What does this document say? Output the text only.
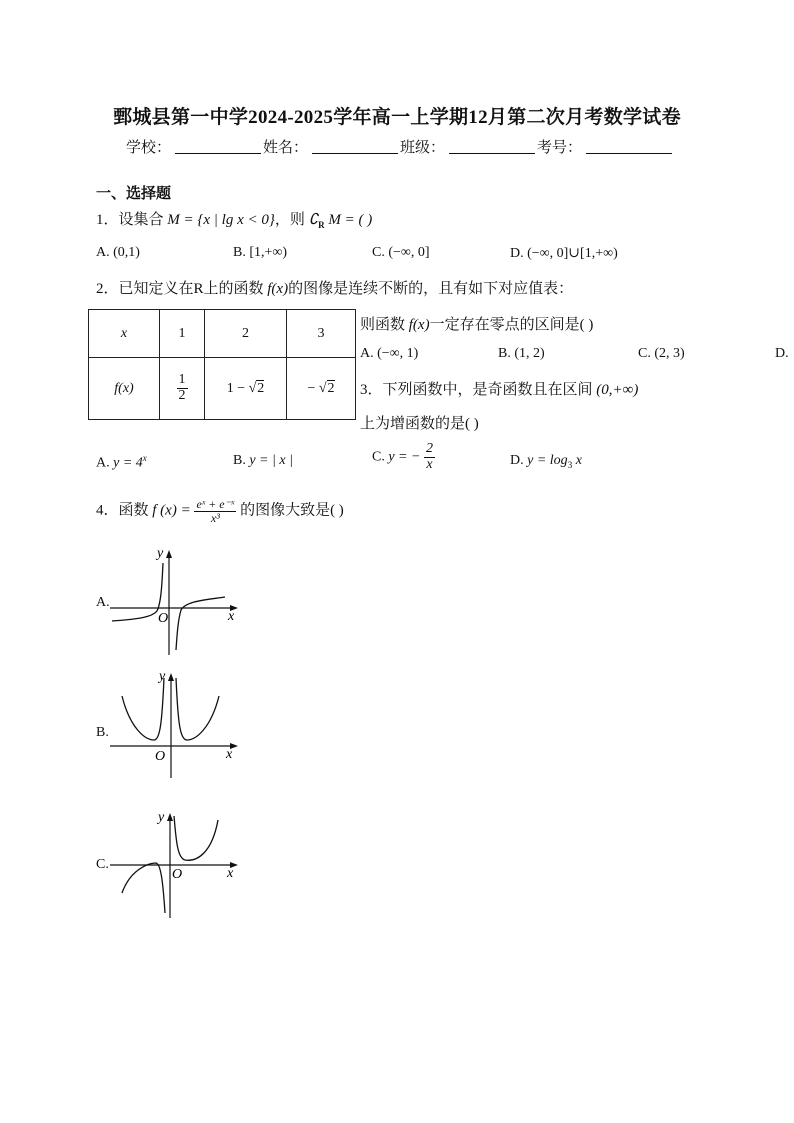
鄄城县第一中学2024-2025学年高一上学期12月第二次月考数学试卷
学校：	姓名：	班级：	考号：
一、选择题
1．设集合 M = {x | lg x < 0}，则 $∁_R$ M = ( )
A. (0,1)	B. [1,+∞)	C. (−∞, 0]	D. (−∞, 0]∪[1,+∞)
2．已知定义在R上的函数 f(x)的图像是连续不断的，且有如下对应值表：
x	1	2	3
f(x)	$\frac{1}{2}$	1 − √2	− √2
则函数 f(x)一定存在零点的区间是( )
A. (−∞, 1)	B. (1, 2)	C. (2, 3)	D.
3．下列函数中，是奇函数且在区间 (0,+∞)
上为增函数的是( )
A. $y = 4^x$	B. y = | x |	C. y = − $\frac{2}{x}$	D. $y = \log_3 x$
4．函数 f $(x) = \frac{\text{eˣ + e⁻ˣ}}{\text{x³}}$ 的图像大致是( )
A.
y
x
O
B.
y
x
O
C.
y
x
O
